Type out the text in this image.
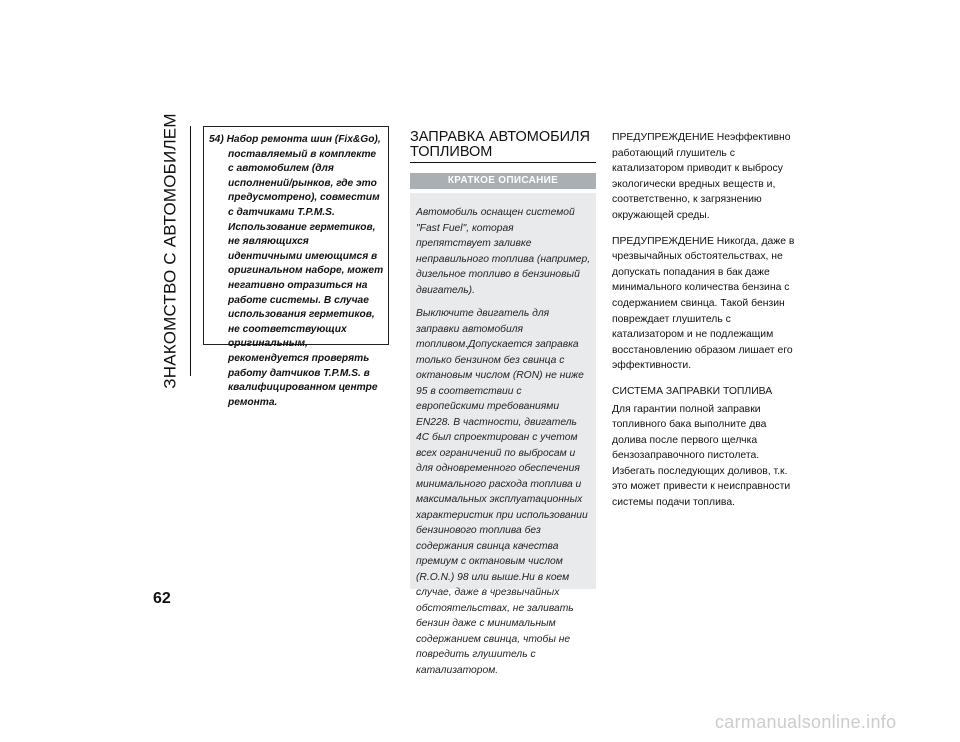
ЗНАКОМСТВО С АВТОМОБИЛЕМ
62
54) Набор ремонта шин (Fix&Go), поставляемый в комплекте с автомобилем (для исполнений/рынков, где это предусмотрено), совместим с датчиками T.P.M.S. Использование герметиков, не являющихся идентичными имеющимся в оригинальном наборе, может негативно отразиться на работе системы. В случае использования герметиков, не соответствующих оригинальным, рекомендуется проверять работу датчиков T.P.M.S. в квалифицированном центре ремонта.
ЗАПРАВКА АВТОМОБИЛЯ ТОПЛИВОМ
КРАТКОЕ ОПИСАНИЕ

Автомобиль оснащен системой "Fast Fuel", которая препятствует заливке неправильного топлива (например, дизельное топливо в бензиновый двигатель).

Выключите двигатель для заправки автомобиля топливом.Допускается заправка только бензином без свинца с октановым числом (RON) не ниже 95 в соответствии с европейскими требованиями EN228. В частности, двигатель 4C был спроектирован с учетом всех ограничений по выбросам и для одновременного обеспечения минимального расхода топлива и максимальных эксплуатационных характеристик при использовании бензинового топлива без содержания свинца качества премиум с октановым числом (R.O.N.) 98 или выше.Ни в коем случае, даже в чрезвычайных обстоятельствах, не заливать бензин даже с минимальным содержанием свинца, чтобы не повредить глушитель с катализатором.

ПРЕДУПРЕЖДЕНИЕ Неэффективно работающий глушитель с катализатором приводит к выбросу экологически вредных веществ и, соответственно, к загрязнению окружающей среды.

ПРЕДУПРЕЖДЕНИЕ Никогда, даже в чрезвычайных обстоятельствах, не допускать попадания в бак даже минимального количества бензина с содержанием свинца. Такой бензин повреждает глушитель с катализатором и не подлежащим восстановлению образом лишает его эффективности.

СИСТЕМА ЗАПРАВКИ ТОПЛИВА

Для гарантии полной заправки топливного бака выполните два долива после первого щелчка бензозаправочного пистолета. Избегать последующих доливов, т.к. это может привести к неисправности системы подачи топлива.

carmanualsonline.info
